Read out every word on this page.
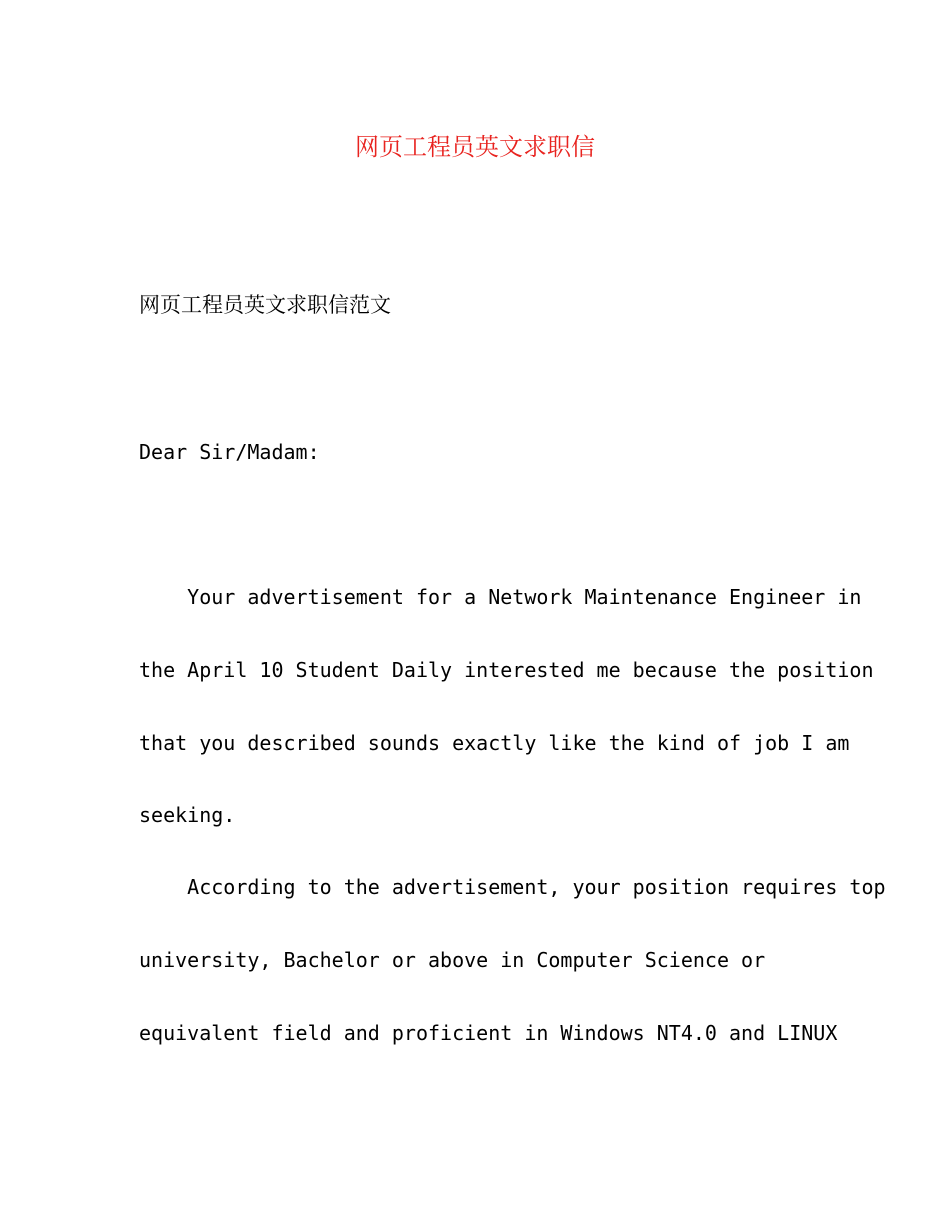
网页工程员英文求职信
网页工程员英文求职信范文
Dear Sir/Madam:
Your advertisement for a Network Maintenance Engineer in
the April 10 Student Daily interested me because the position
that you described sounds exactly like the kind of job I am
seeking.
According to the advertisement, your position requires top
university, Bachelor or above in Computer Science or
equivalent field and proficient in Windows NT4.0 and LINUX
